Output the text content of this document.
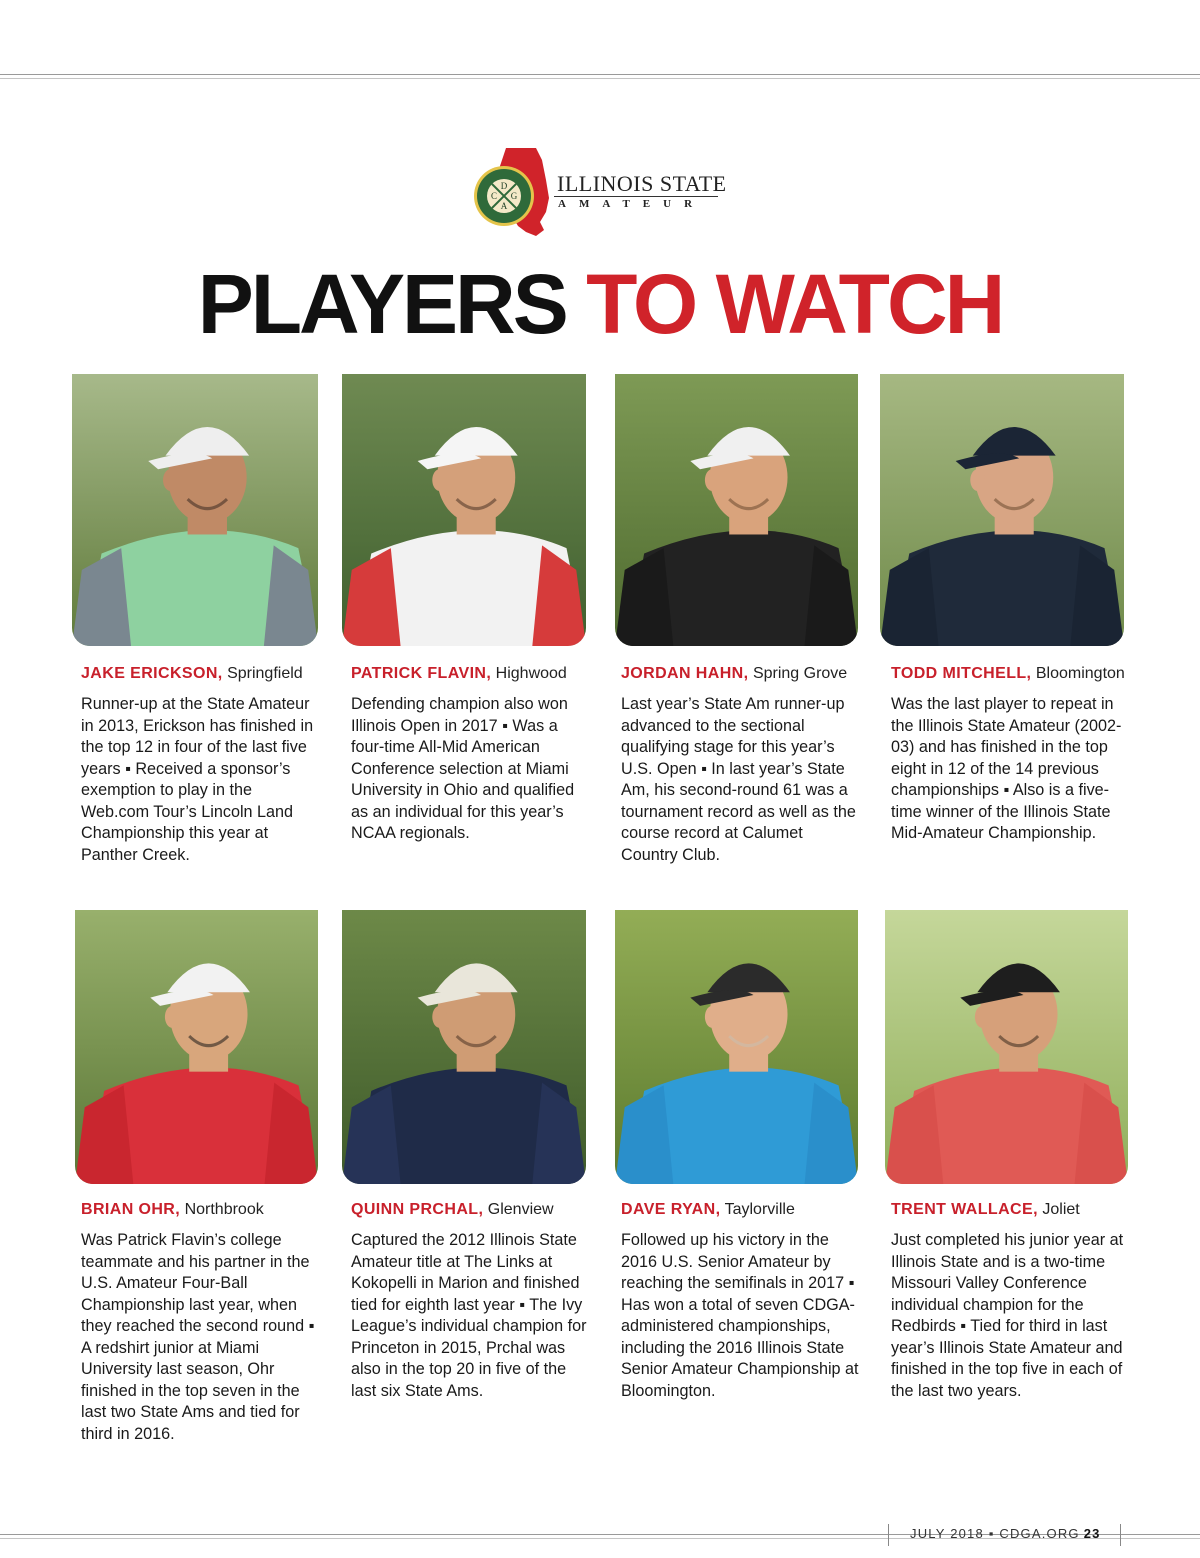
D
C G
A
ILLINOIS STATE
AMATEUR
PLAYERS TO WATCH
JAKE ERICKSON, Springfield
Runner-up at the State Amateur in 2013, Erickson has finished in the top 12 in four of the last five years ▪ Received a sponsor’s exemption to play in the Web.com Tour’s Lincoln Land Championship this year at Panther Creek.
PATRICK FLAVIN, Highwood
Defending champion also won Illinois Open in 2017 ▪ Was a four-time All-Mid American Conference selection at Miami University in Ohio and qualified as an individual for this year’s NCAA regionals.
JORDAN HAHN, Spring Grove
Last year’s State Am runner-up advanced to the sectional qualifying stage for this year’s U.S. Open ▪ In last year’s State Am, his second-round 61 was a tournament record as well as the course record at Calumet Country Club.
TODD MITCHELL, Bloomington
Was the last player to repeat in the Illinois State Amateur (2002-03) and has finished in the top eight in 12 of the 14 previous championships ▪ Also is a five-time winner of the Illinois State Mid-Amateur Championship.
BRIAN OHR, Northbrook
Was Patrick Flavin’s college teammate and his partner in the U.S. Amateur Four-Ball Championship last year, when they reached the second round ▪ A redshirt junior at Miami University last season, Ohr finished in the top seven in the last two State Ams and tied for third in 2016.
QUINN PRCHAL, Glenview
Captured the 2012 Illinois State Amateur title at The Links at Kokopelli in Marion and finished tied for eighth last year ▪ The Ivy League’s individual champion for Princeton in 2015, Prchal was also in the top 20 in five of the last six State Ams.
DAVE RYAN, Taylorville
Followed up his victory in the 2016 U.S. Senior Amateur by reaching the semifinals in 2017 ▪ Has won a total of seven CDGA-administered championships, including the 2016 Illinois State Senior Amateur Championship at Bloomington.
TRENT WALLACE, Joliet
Just completed his junior year at Illinois State and is a two-time Missouri Valley Conference individual champion for the Redbirds ▪ Tied for third in last year’s Illinois State Amateur and finished in the top five in each of the last two years.
JULY 2018 ▪ CDGA.ORG 23
